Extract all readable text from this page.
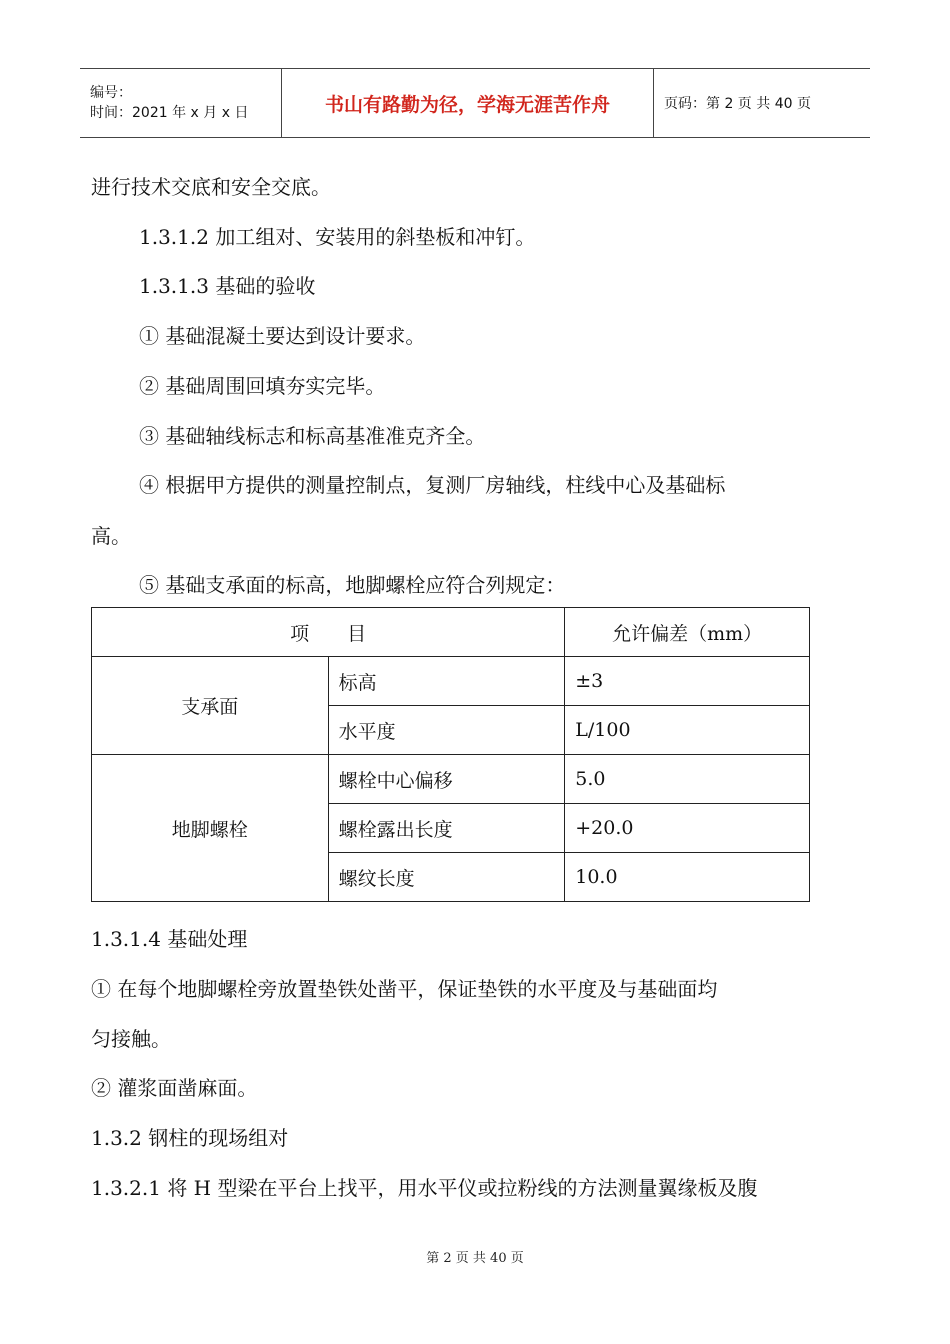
编号：
时间：2021 年 x 月 x 日	书山有路勤为径，学海无涯苦作舟	页码：第 2 页 共 40 页
进行技术交底和安全交底。
1.3.1.2 加工组对、安装用的斜垫板和冲钉。
1.3.1.3 基础的验收
① 基础混凝土要达到设计要求。
② 基础周围回填夯实完毕。
③ 基础轴线标志和标高基准准克齐全。
④ 根据甲方提供的测量控制点，复测厂房轴线，柱线中心及基础标
高。
⑤ 基础支承面的标高，地脚螺栓应符合列规定：
项　　目		允许偏差（mm）
支承面	标高	±3
	水平度	L/100
地脚螺栓	螺栓中心偏移	5.0
	螺栓露出长度	+20.0
	螺纹长度	10.0
1.3.1.4 基础处理
① 在每个地脚螺栓旁放置垫铁处凿平，保证垫铁的水平度及与基础面均
匀接触。
② 灌浆面凿麻面。
1.3.2 钢柱的现场组对
1.3.2.1 将 H 型梁在平台上找平，用水平仪或拉粉线的方法测量翼缘板及腹
第 2 页 共 40 页
